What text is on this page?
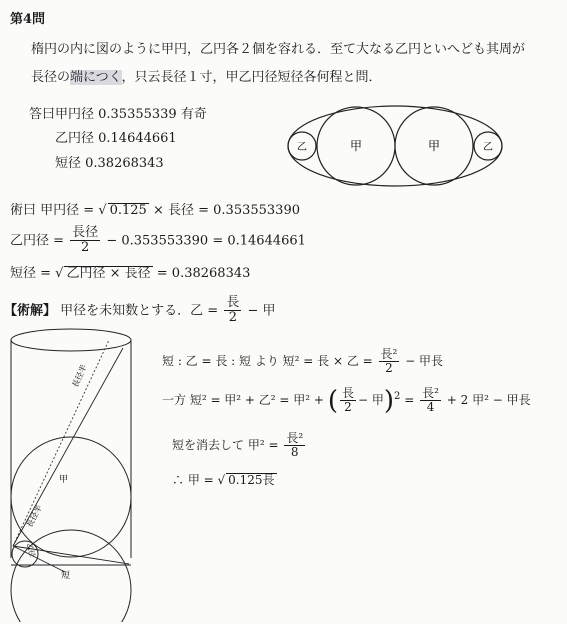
第4問
楕円の内に図のように甲円，乙円各２個を容れる．至て大なる乙円といへども其周が
長径の端につく，只云長径１寸，甲乙円径短径各何程と問．
答曰甲円径 0.35355339 有奇
乙円径 0.14644661
短径 0.38268343
甲	甲
乙	乙
術曰 甲円径 = √ 0.125 × 長径 = 0.353553390
乙円径 = $\frac{\text{長径}}{2} - 0.353553390 = 0.14644661$
短径 = √ 乙円径 × 長径 = 0.38268343
【術解】 甲径を未知数とする．乙 = $\frac{\text{長}}{2}$ − 甲
短 : 乙 = 長 : 短 より 短² = 長 × 乙 = $\frac{\text{長²}}{2}$ − 甲長
一方 短² = 甲² + 乙² = 甲² + ( $\frac{\text{長}}{2}$ − 甲)$^2 = \frac{\text{長²}}{4} + 2$ 甲² − 甲長
短を消去して 甲$^2 = \frac{\text{長²}}{8}$
∴ 甲 = √ 0.125長
長径半
甲
長径半
乙径
短
